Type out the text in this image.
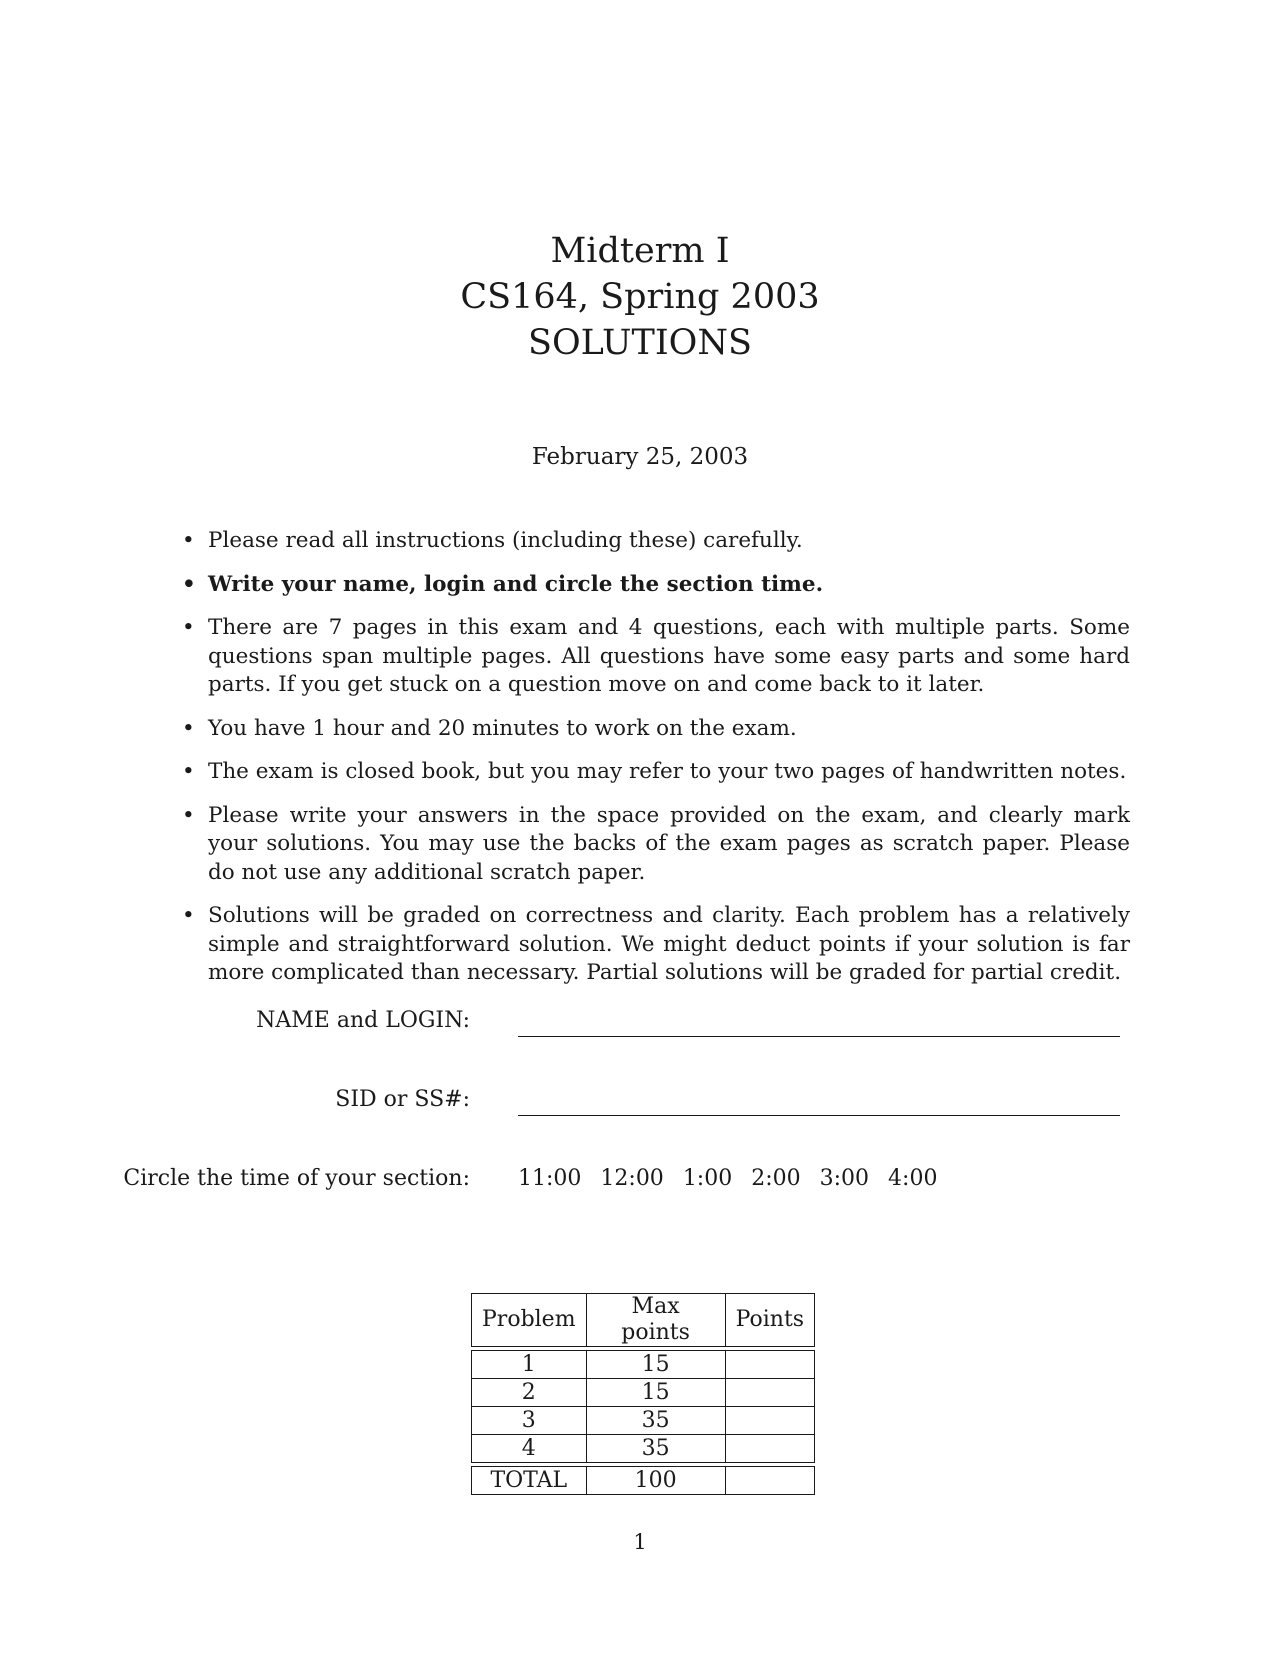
Midterm I
CS164, Spring 2003
SOLUTIONS
February 25, 2003
• Please read all instructions (including these) carefully.
• Write your name, login and circle the section time.
• There are 7 pages in this exam and 4 questions, each with multiple parts. Some questions span multiple pages. All questions have some easy parts and some hard parts. If you get stuck on a question move on and come back to it later.
• You have 1 hour and 20 minutes to work on the exam.
• The exam is closed book, but you may refer to your two pages of handwritten notes.
• Please write your answers in the space provided on the exam, and clearly mark your solutions. You may use the backs of the exam pages as scratch paper. Please do not use any additional scratch paper.
• Solutions will be graded on correctness and clarity. Each problem has a relatively simple and straightforward solution. We might deduct points if your solution is far more complicated than necessary. Partial solutions will be graded for partial credit.
NAME and LOGIN:
SID or SS#:
Circle the time of your section: 11:00 12:00 1:00 2:00 3:00 4:00
Problem	Max points	Points

1	15	
2	15	
3	35	
4	35	

TOTAL	100	
1
